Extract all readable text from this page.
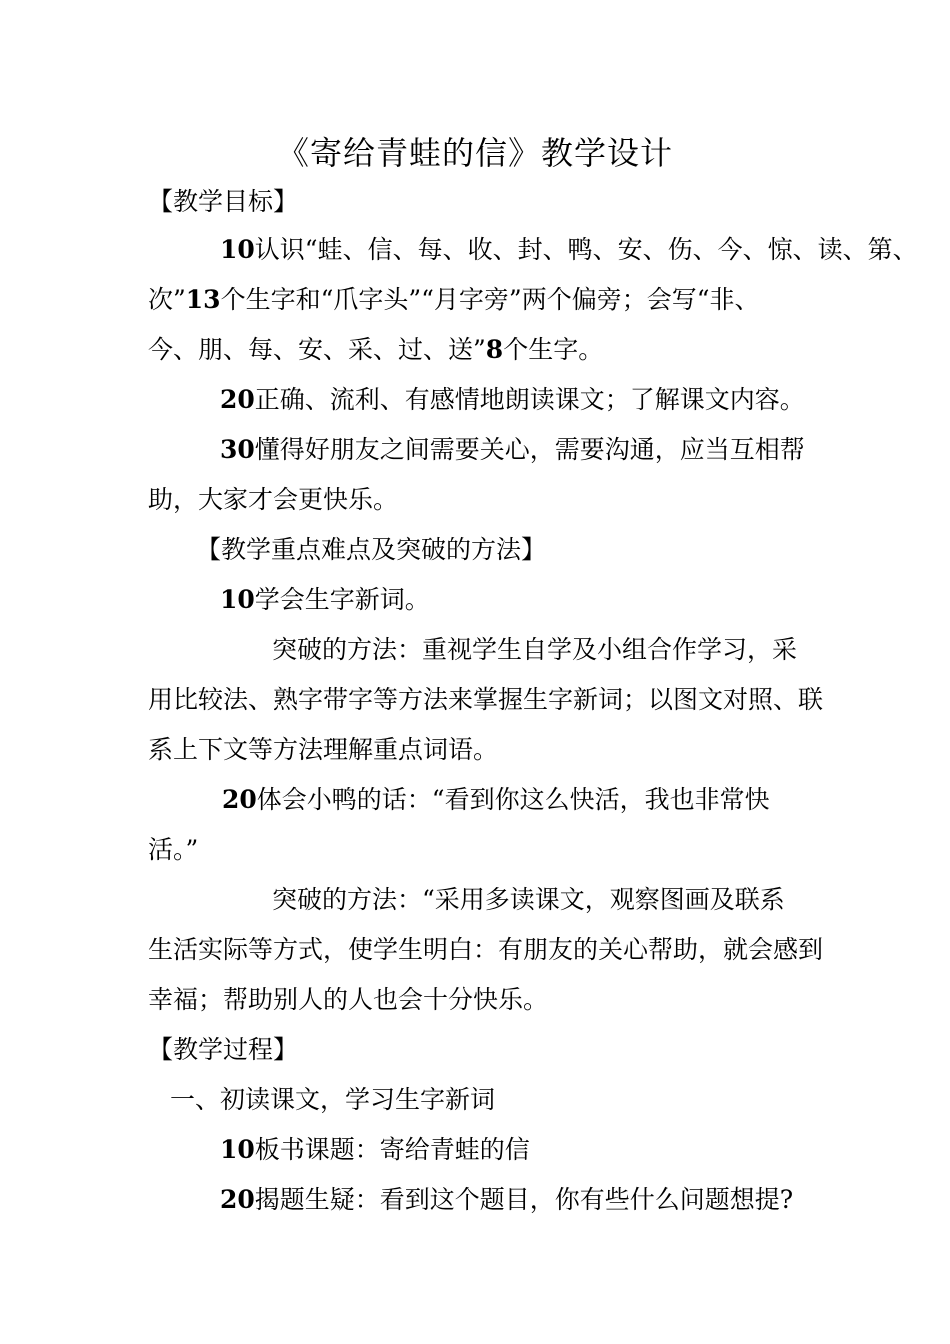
《寄给青蛙的信》教学设计
【教学目标】
10认识“蛙、信、每、收、封、鸭、安、伤、今、惊、读、第、
次”13个生字和“爪字头”“月字旁”两个偏旁；会写“非、
今、朋、每、安、采、过、送”8个生字。
20正确、流利、有感情地朗读课文；了解课文内容。
30懂得好朋友之间需要关心，需要沟通，应当互相帮
助，大家才会更快乐。
【教学重点难点及突破的方法】
10学会生字新词。
突破的方法：重视学生自学及小组合作学习，采
用比较法、熟字带字等方法来掌握生字新词；以图文对照、联
系上下文等方法理解重点词语。
20体会小鸭的话：“看到你这么快活，我也非常快
活。”
突破的方法：“采用多读课文，观察图画及联系
生活实际等方式，使学生明白：有朋友的关心帮助，就会感到
幸福；帮助别人的人也会十分快乐。
【教学过程】
一、初读课文，学习生字新词
10板书课题：寄给青蛙的信
20揭题生疑：看到这个题目，你有些什么问题想提?
